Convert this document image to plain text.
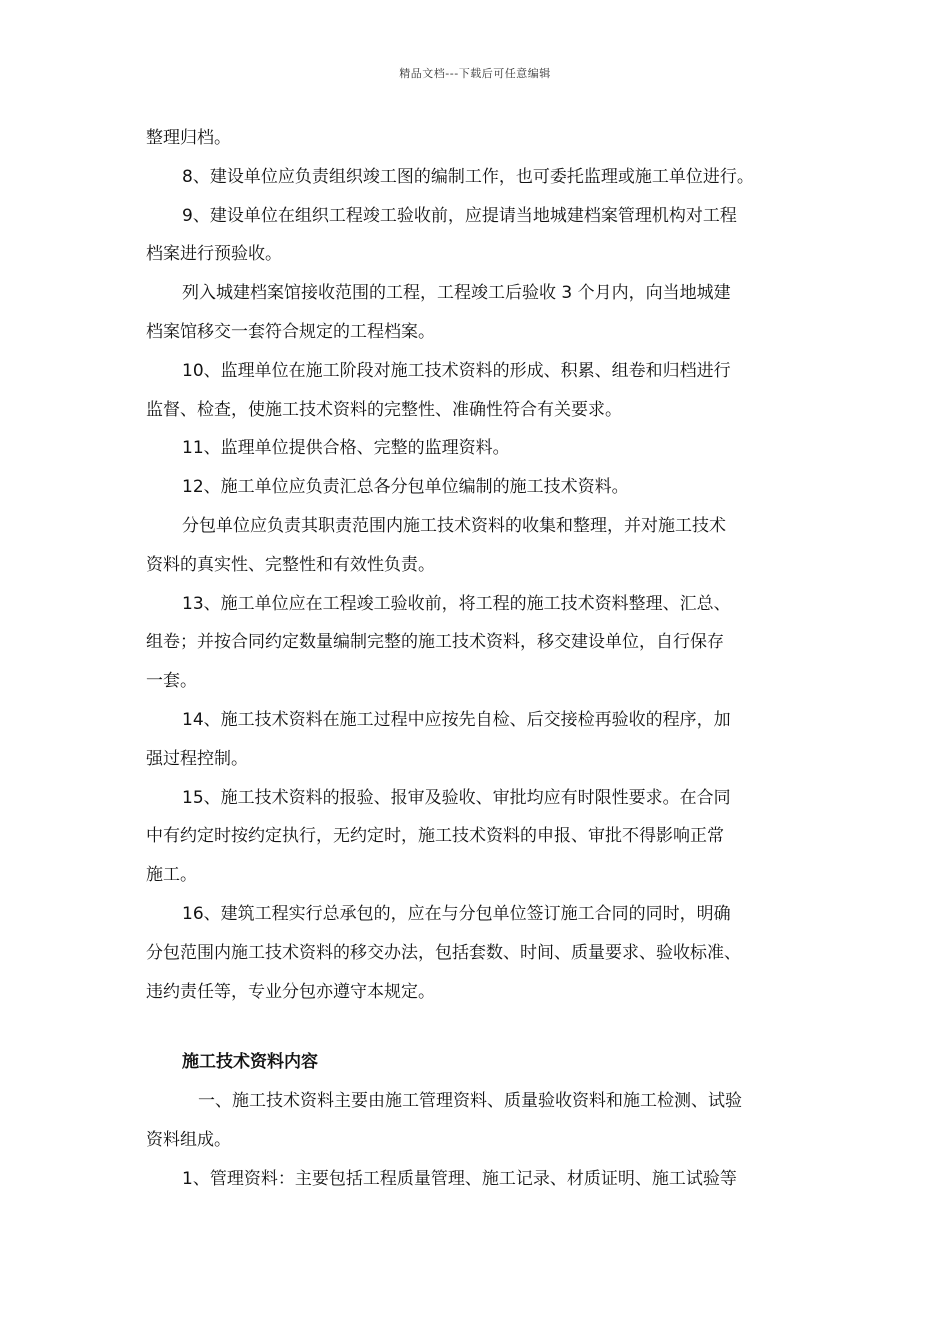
精品文档---下载后可任意编辑
整理归档。
8、建设单位应负责组织竣工图的编制工作，也可委托监理或施工单位进行。
9、建设单位在组织工程竣工验收前，应提请当地城建档案管理机构对工程
档案进行预验收。
列入城建档案馆接收范围的工程，工程竣工后验收 3 个月内，向当地城建
档案馆移交一套符合规定的工程档案。
10、监理单位在施工阶段对施工技术资料的形成、积累、组卷和归档进行
监督、检查，使施工技术资料的完整性、准确性符合有关要求。
11、监理单位提供合格、完整的监理资料。
12、施工单位应负责汇总各分包单位编制的施工技术资料。
分包单位应负责其职责范围内施工技术资料的收集和整理，并对施工技术
资料的真实性、完整性和有效性负责。
13、施工单位应在工程竣工验收前，将工程的施工技术资料整理、汇总、
组卷；并按合同约定数量编制完整的施工技术资料，移交建设单位，自行保存
一套。
14、施工技术资料在施工过程中应按先自检、后交接检再验收的程序，加
强过程控制。
15、施工技术资料的报验、报审及验收、审批均应有时限性要求。在合同
中有约定时按约定执行，无约定时，施工技术资料的申报、审批不得影响正常
施工。
16、建筑工程实行总承包的，应在与分包单位签订施工合同的同时，明确
分包范围内施工技术资料的移交办法，包括套数、时间、质量要求、验收标准、
违约责任等，专业分包亦遵守本规定。
施工技术资料内容
一、施工技术资料主要由施工管理资料、质量验收资料和施工检测、试验
资料组成。
1、管理资料：主要包括工程质量管理、施工记录、材质证明、施工试验等
